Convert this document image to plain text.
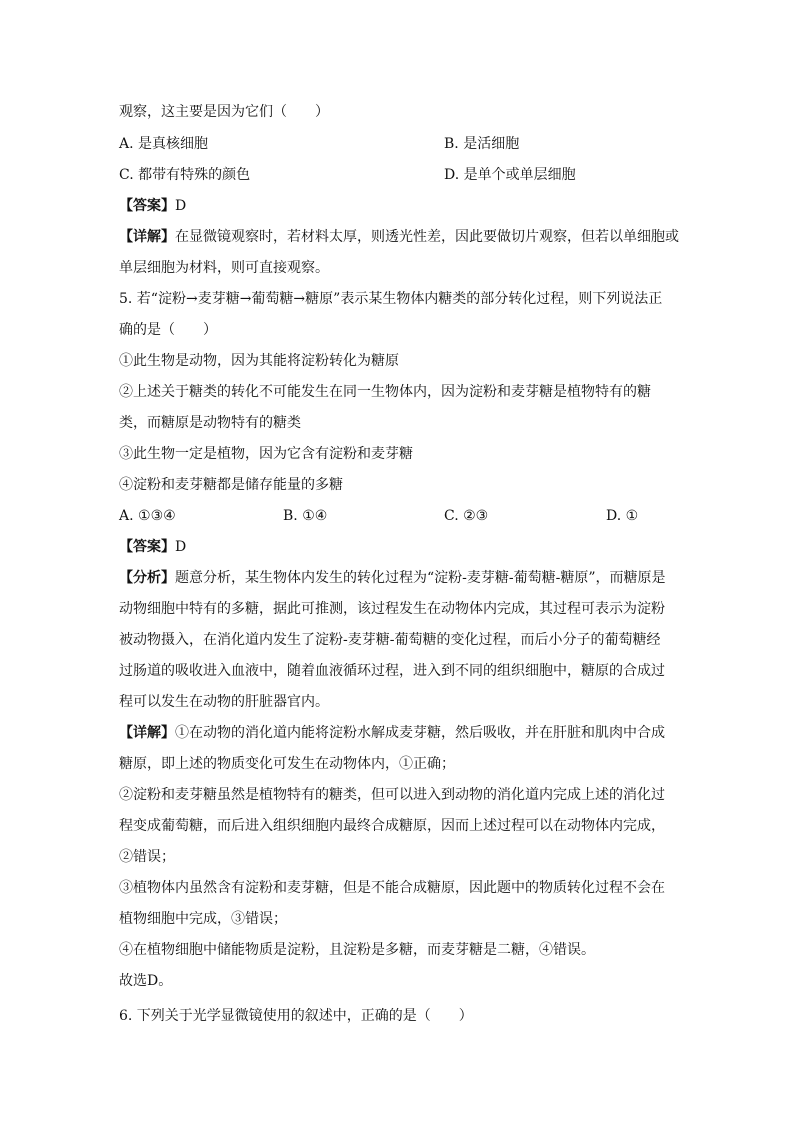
观察，这主要是因为它们（　　）
A. 是真核细胞	B. 是活细胞
C. 都带有特殊的颜色	D. 是单个或单层细胞
【答案】D
【详解】在显微镜观察时，若材料太厚，则透光性差，因此要做切片观察，但若以单细胞或
单层细胞为材料，则可直接观察。
5. 若“淀粉→麦芽糖→葡萄糖→糖原”表示某生物体内糖类的部分转化过程，则下列说法正
确的是（　　）
①此生物是动物，因为其能将淀粉转化为糖原
②上述关于糖类的转化不可能发生在同一生物体内，因为淀粉和麦芽糖是植物特有的糖
类，而糖原是动物特有的糖类
③此生物一定是植物，因为它含有淀粉和麦芽糖
④淀粉和麦芽糖都是储存能量的多糖
A. ①③④	B. ①④	C. ②③	D. ①
【答案】D
【分析】题意分析，某生物体内发生的转化过程为“淀粉-麦芽糖-葡萄糖-糖原”，而糖原是
动物细胞中特有的多糖，据此可推测，该过程发生在动物体内完成，其过程可表示为淀粉
被动物摄入，在消化道内发生了淀粉-麦芽糖-葡萄糖的变化过程，而后小分子的葡萄糖经
过肠道的吸收进入血液中，随着血液循环过程，进入到不同的组织细胞中，糖原的合成过
程可以发生在动物的肝脏器官内。
【详解】①在动物的消化道内能将淀粉水解成麦芽糖，然后吸收，并在肝脏和肌肉中合成
糖原，即上述的物质变化可发生在动物体内，①正确；
②淀粉和麦芽糖虽然是植物特有的糖类，但可以进入到动物的消化道内完成上述的消化过
程变成葡萄糖，而后进入组织细胞内最终合成糖原，因而上述过程可以在动物体内完成，
②错误；
③植物体内虽然含有淀粉和麦芽糖，但是不能合成糖原，因此题中的物质转化过程不会在
植物细胞中完成，③错误；
④在植物细胞中储能物质是淀粉，且淀粉是多糖，而麦芽糖是二糖，④错误。
故选D。
6. 下列关于光学显微镜使用的叙述中，正确的是（　　）
